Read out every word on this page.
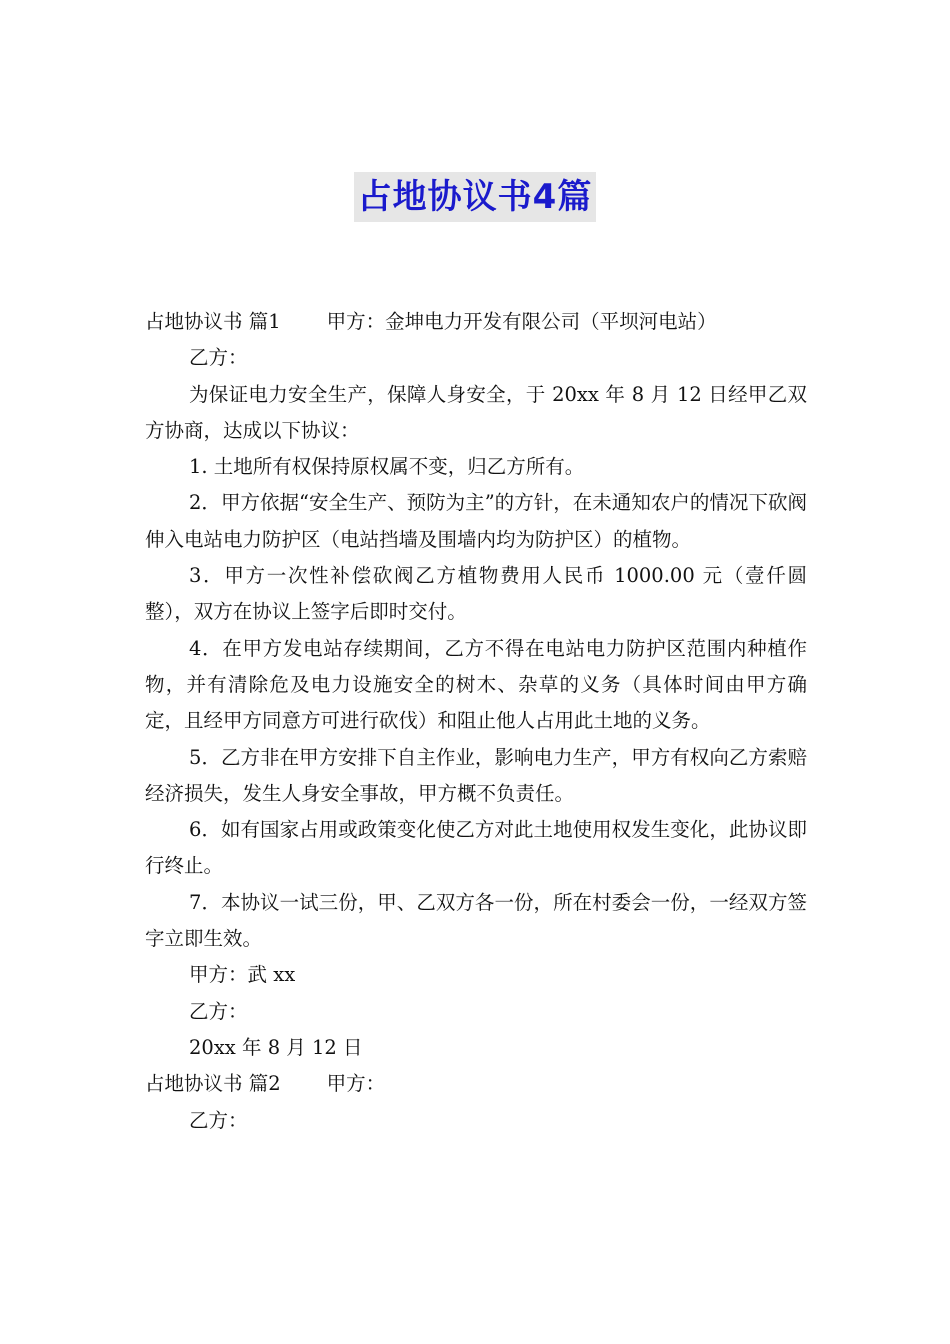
占地协议书4篇

占地协议书 篇1 甲方：金坤电力开发有限公司（平坝河电站）

乙方：

为保证电力安全生产，保障人身安全，于 20xx 年 8 月 12 日经甲乙双方协商，达成以下协议：

1. 土地所有权保持原权属不变，归乙方所有。

2．甲方依据“安全生产、预防为主”的方针，在未通知农户的情况下砍阀伸入电站电力防护区（电站挡墙及围墙内均为防护区）的植物。

3．甲方一次性补偿砍阀乙方植物费用人民币 1000.00 元（壹仟圆整），双方在协议上签字后即时交付。

4．在甲方发电站存续期间，乙方不得在电站电力防护区范围内种植作物，并有清除危及电力设施安全的树木、杂草的义务（具体时间由甲方确定，且经甲方同意方可进行砍伐）和阻止他人占用此土地的义务。

5．乙方非在甲方安排下自主作业，影响电力生产，甲方有权向乙方索赔经济损失，发生人身安全事故，甲方概不负责任。

6．如有国家占用或政策变化使乙方对此土地使用权发生变化，此协议即行终止。

7．本协议一试三份，甲、乙双方各一份，所在村委会一份，一经双方签字立即生效。

甲方：武 xx

乙方：

20xx 年 8 月 12 日

占地协议书 篇2 甲方：

乙方：
